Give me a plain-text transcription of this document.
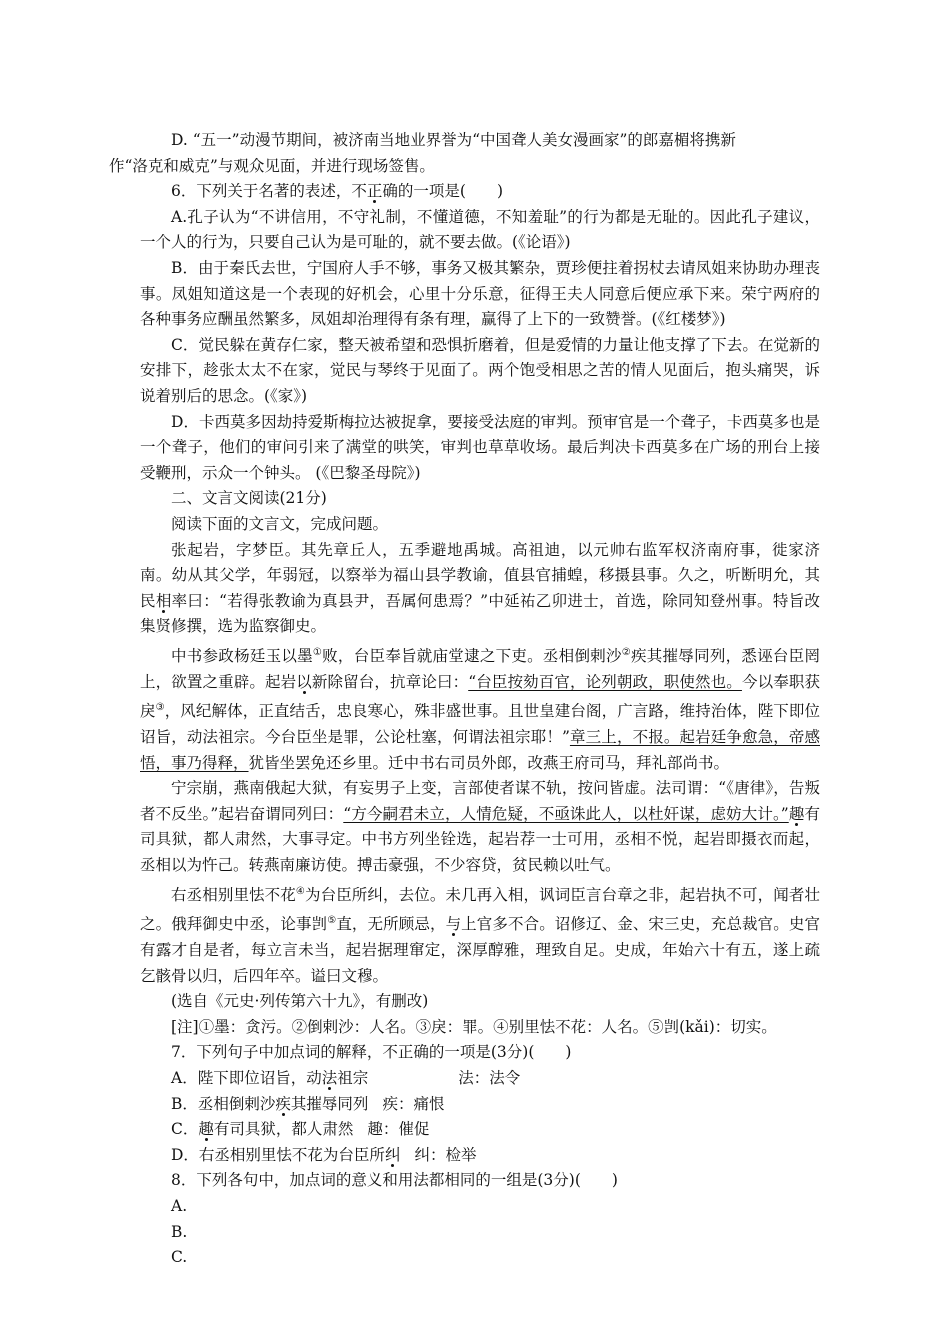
D. “五一”动漫节期间，被济南当地业界誉为“中国聋人美女漫画家”的郎嘉楣将携新
作“洛克和威克”与观众见面，并进行现场签售。

6．下列关于名著的表述，不正确的一项是(　　)

A.孔子认为“不讲信用，不守礼制，不懂道德，不知羞耻”的行为都是无耻的。因此孔子建议，一个人的行为，只要自己认为是可耻的，就不要去做。(《论语》)

B．由于秦氏去世，宁国府人手不够，事务又极其繁杂，贾珍便拄着拐杖去请凤姐来协助办理丧事。凤姐知道这是一个表现的好机会，心里十分乐意，征得王夫人同意后便应承下来。荣宁两府的各种事务应酬虽然繁多，凤姐却治理得有条有理，赢得了上下的一致赞誉。(《红楼梦》)

C．觉民躲在黄存仁家，整天被希望和恐惧折磨着，但是爱情的力量让他支撑了下去。在觉新的安排下，趁张太太不在家，觉民与琴终于见面了。两个饱受相思之苦的情人见面后，抱头痛哭，诉说着别后的思念。(《家》)

D．卡西莫多因劫持爱斯梅拉达被捉拿，要接受法庭的审判。预审官是一个聋子，卡西莫多也是一个聋子，他们的审问引来了满堂的哄笑，审判也草草收场。最后判决卡西莫多在广场的刑台上接受鞭刑，示众一个钟头。 (《巴黎圣母院》)

二、文言文阅读(21分)

阅读下面的文言文，完成问题。

张起岩，字梦臣。其先章丘人，五季避地禹城。高祖迪，以元帅右监军权济南府事，徙家济南。幼从其父学，年弱冠，以察举为福山县学教谕，值县官捕蝗，移摄县事。久之，听断明允，其民相率曰：“若得张教谕为真县尹，吾属何患焉？”中延祐乙卯进士，首选，除同知登州事。特旨改集贤修撰，选为监察御史。

中书参政杨廷玉以墨①败，台臣奉旨就庙堂逮之下吏。丞相倒剌沙②疾其摧辱同列，悉诬台臣罔上，欲置之重辟。起岩以新除留台，抗章论曰：“台臣按劾百官，论列朝政，职使然也。今以奉职获戾③，风纪解体，正直结舌，忠良寒心，殊非盛世事。且世皇建台阁，广言路，维持治体，陛下即位诏旨，动法祖宗。今台臣坐是罪，公论杜塞，何谓法祖宗耶！”章三上，不报。起岩廷争愈急，帝感悟，事乃得释，犹皆坐罢免还乡里。迁中书右司员外郎，改燕王府司马，拜礼部尚书。

宁宗崩，燕南俄起大狱，有妄男子上变，言部使者谋不轨，按问皆虚。法司谓：“《唐律》，告叛者不反坐。”起岩奋谓同列曰：“方今嗣君未立，人情危疑，不亟诛此人，以杜奸谋，虑妨大计。”趣有司具狱，都人肃然，大事寻定。中书方列坐铨选，起岩荐一士可用，丞相不悦，起岩即摄衣而起，丞相以为忤己。转燕南廉访使。搏击豪强，不少容贷，贫民赖以吐气。

右丞相别里怯不花④为台臣所纠，去位。未几再入相，讽词臣言台章之非，起岩执不可，闻者壮之。俄拜御史中丞，论事剀⑤直，无所顾忌，与上官多不合。诏修辽、金、宋三史，充总裁官。史官有露才自是者，每立言未当，起岩据理窜定，深厚醇雅，理致自足。史成，年始六十有五，遂上疏乞骸骨以归，后四年卒。谥曰文穆。

(选自《元史·列传第六十九》，有删改)

[注]①墨：贪污。②倒剌沙：人名。③戾：罪。④别里怯不花：人名。⑤剀(kǎi)：切实。

7．下列句子中加点词的解释，不正确的一项是(3分)(　　)

A．陛下即位诏旨，动法祖宗	法：法令

B．丞相倒剌沙疾其摧辱同列 疾：痛恨

C．趣有司具狱，都人肃然 趣：催促

D．右丞相别里怯不花为台臣所纠 纠：检举

8．下列各句中，加点词的意义和用法都相同的一组是(3分)(　　)

A.

B.

C.
